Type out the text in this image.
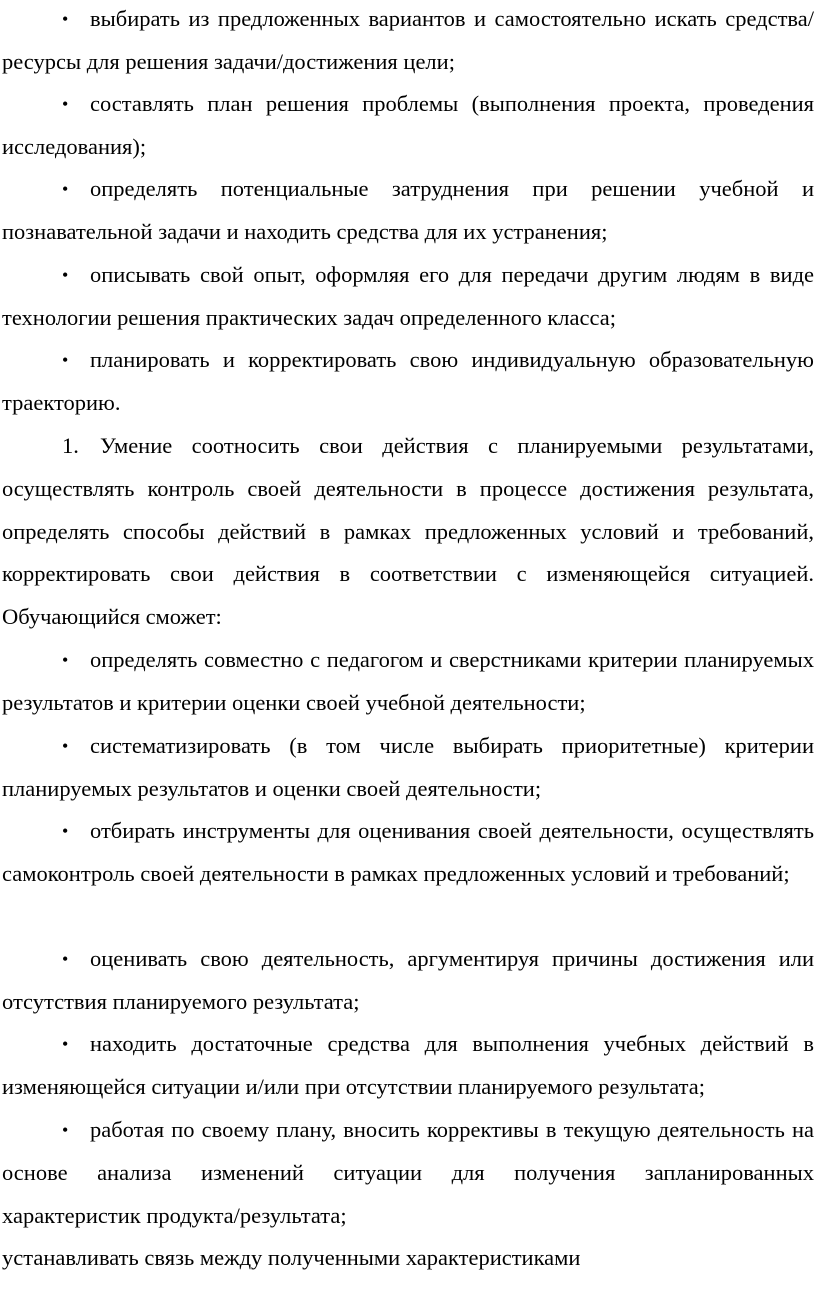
• выбирать из предложенных вариантов и самостоятельно искать средства/ресурсы для решения задачи/достижения цели;

• составлять план решения проблемы (выполнения проекта, проведения исследования);

• определять потенциальные затруднения при решении учебной и познавательной задачи и находить средства для их устранения;

• описывать свой опыт, оформляя его для передачи другим людям в виде технологии решения практических задач определенного класса;

• планировать и корректировать свою индивидуальную образовательную траекторию.

1. Умение соотносить свои действия с планируемыми результатами, осуществлять контроль своей деятельности в процессе достижения результата, определять способы действий в рамках предложенных условий и требований, корректировать свои действия в соответствии с изменяющейся ситуацией. Обучающийся сможет:

• определять совместно с педагогом и сверстниками критерии планируемых результатов и критерии оценки своей учебной деятельности;

• систематизировать (в том числе выбирать приоритетные) критерии планируемых результатов и оценки своей деятельности;

• отбирать инструменты для оценивания своей деятельности, осуществлять самоконтроль своей деятельности в рамках предложенных условий и требований;

• оценивать свою деятельность, аргументируя причины достижения или отсутствия планируемого результата;

• находить достаточные средства для выполнения учебных действий в изменяющейся ситуации и/или при отсутствии планируемого результата;

• работая по своему плану, вносить коррективы в текущую деятельность на основе анализа изменений ситуации для получения запланированных характеристик продукта/результата;

устанавливать связь между полученными характеристиками
